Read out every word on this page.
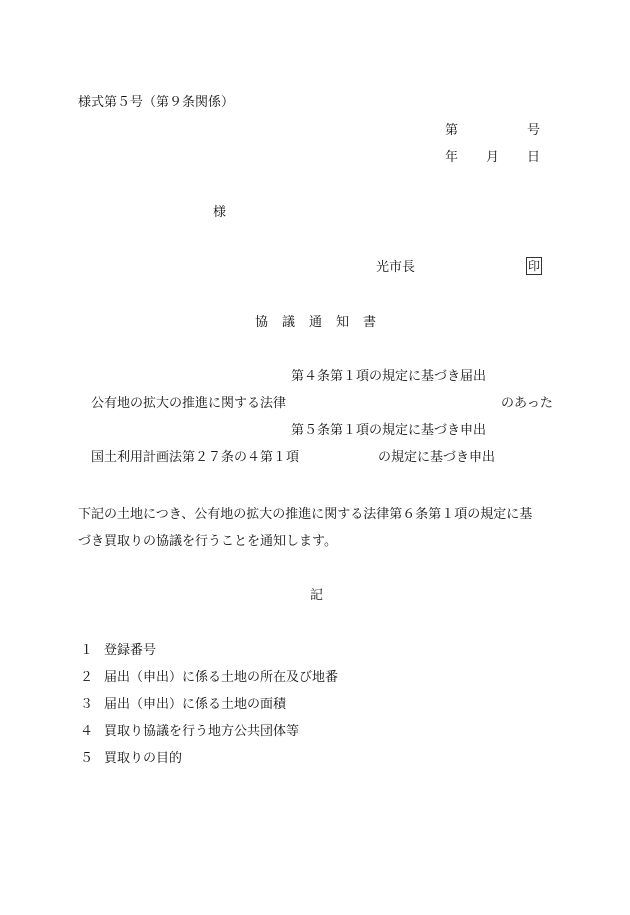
様式第５号（第９条関係）
第	号
年 月 日
様
光市長	印
協議通知書
第４条第１項の規定に基づき届出
公有地の拡大の推進に関する法律	のあった
第５条第１項の規定に基づき申出
国土利用計画法第２７条の４第１項	の規定に基づき申出
下記の土地につき、公有地の拡大の推進に関する法律第６条第１項の規定に基
づき買取りの協議を行うことを通知します。
記
１ 登録番号
２ 届出（申出）に係る土地の所在及び地番
３ 届出（申出）に係る土地の面積
４ 買取り協議を行う地方公共団体等
５ 買取りの目的
